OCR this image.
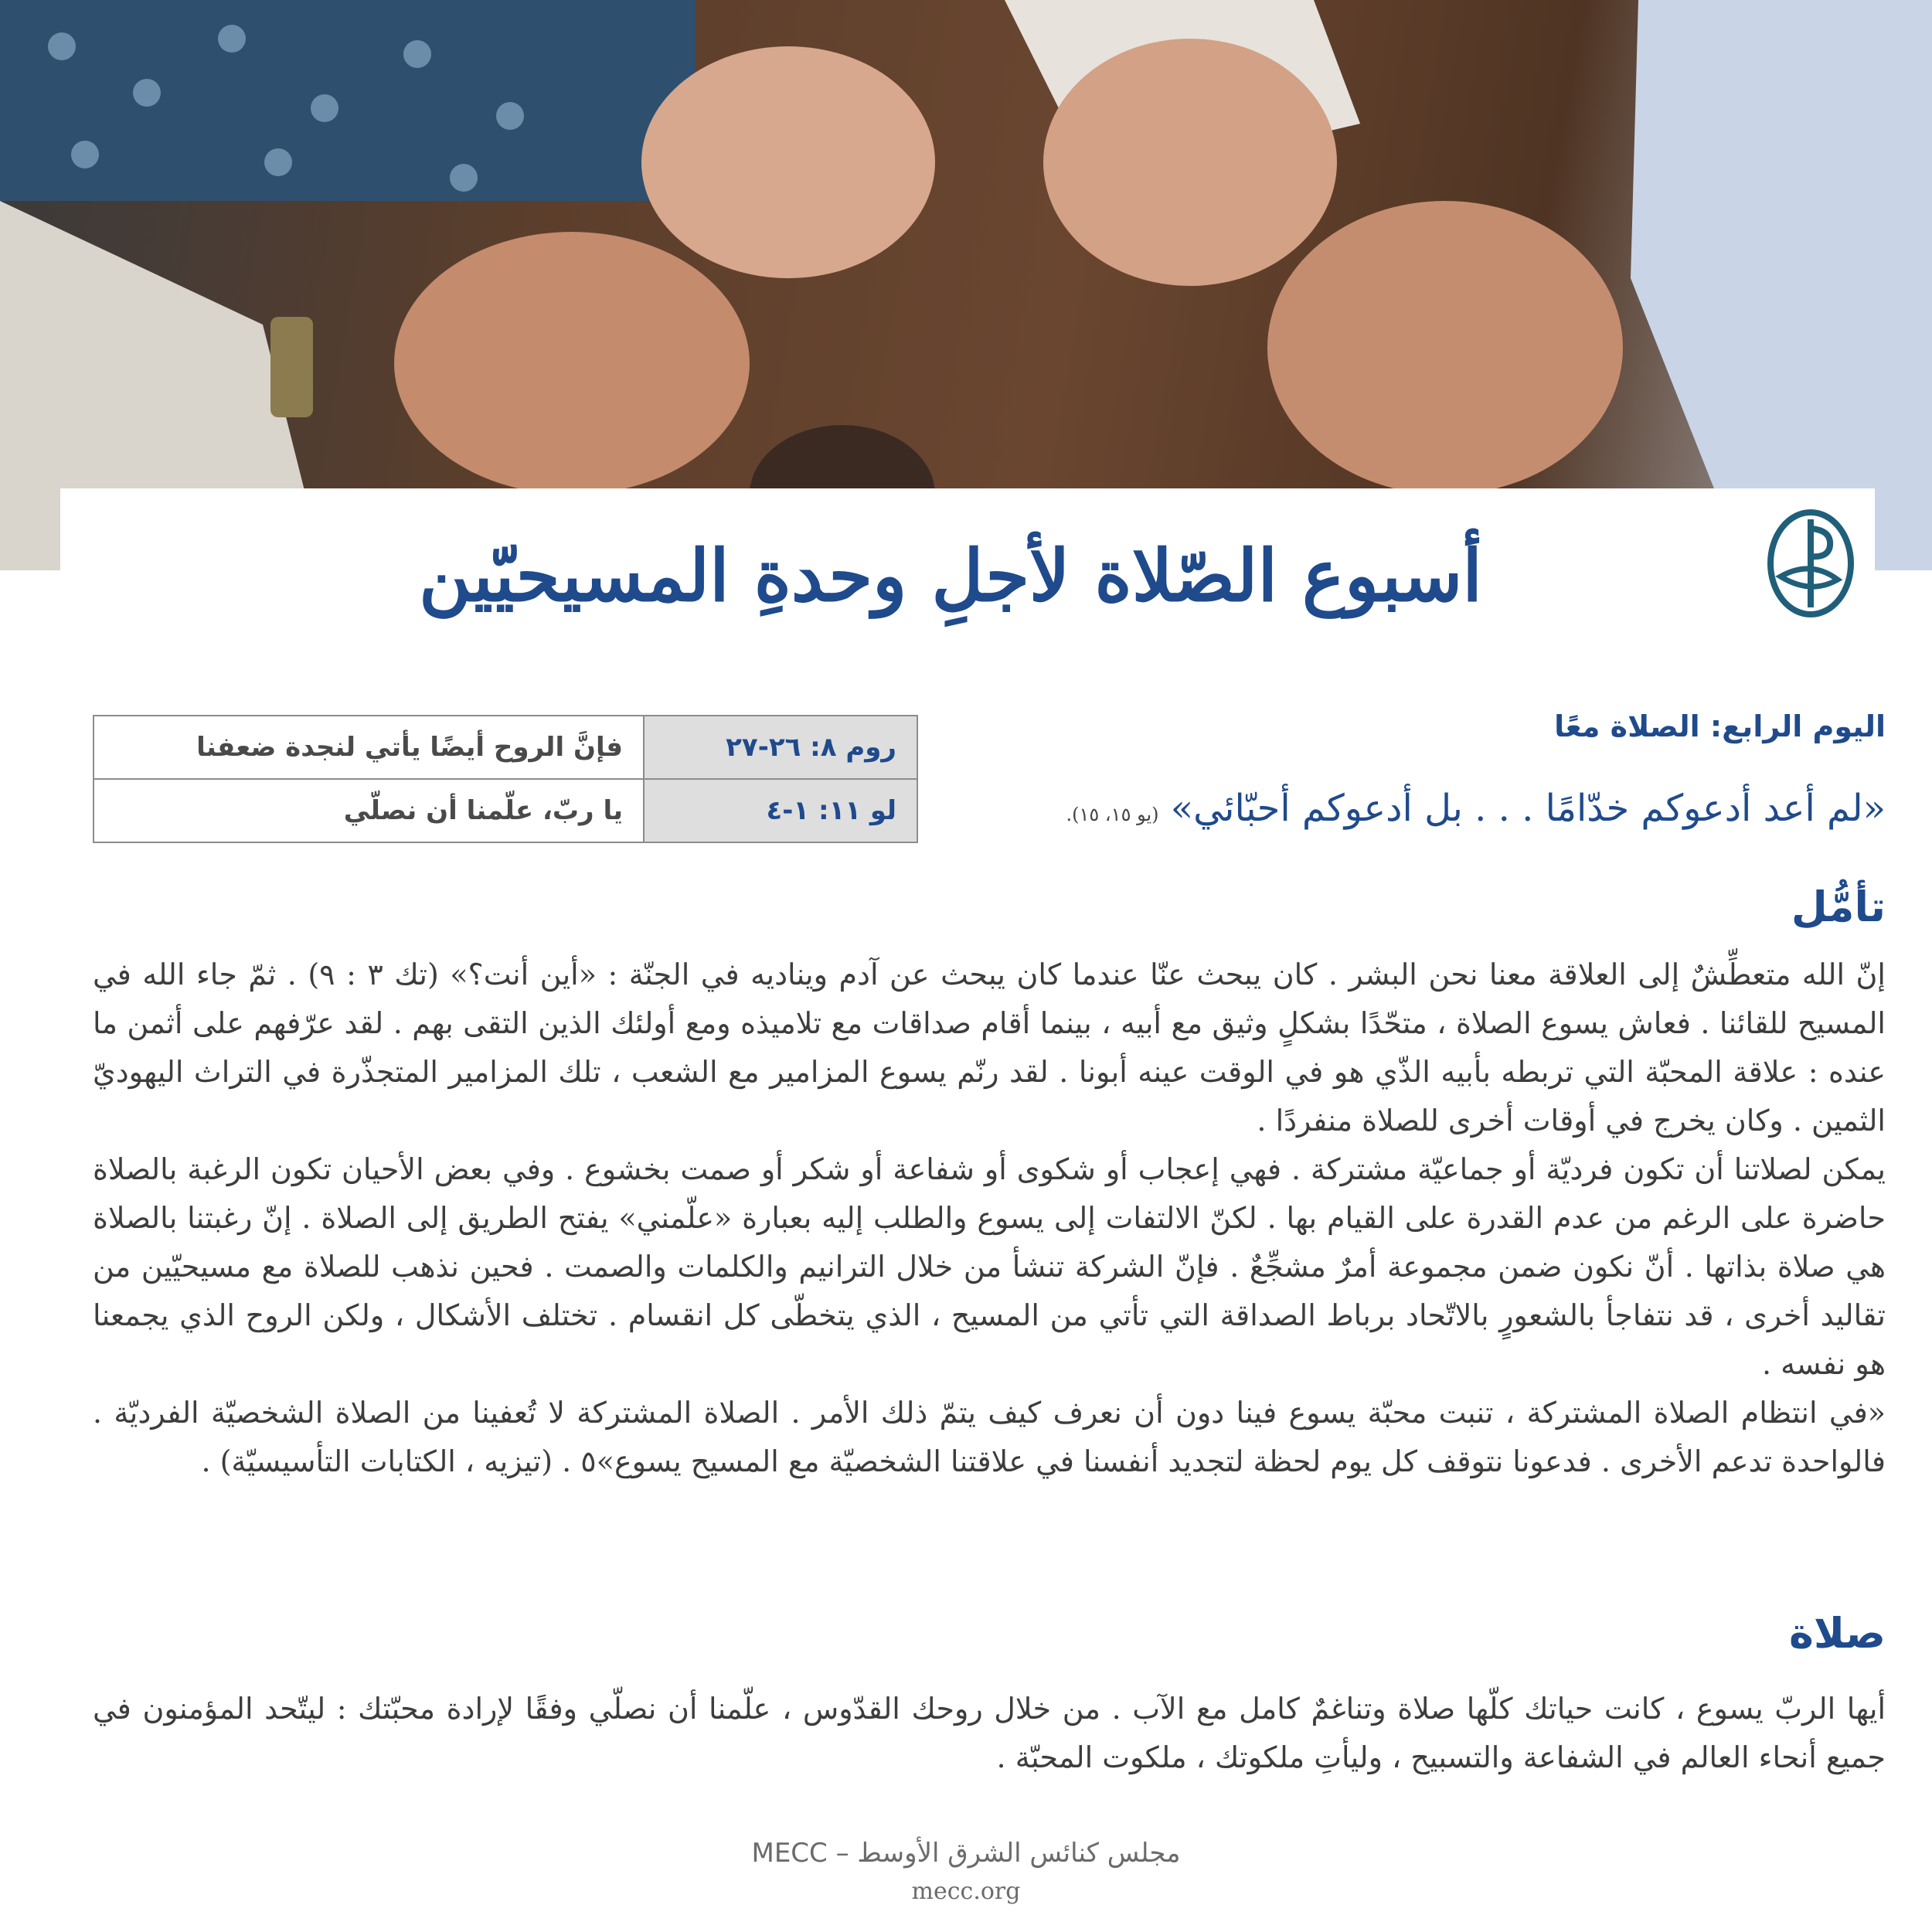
أسبوع الصّلاة لأجلِ وحدةِ المسيحيّين
روم ٨: ٢٦-٢٧	فإنَّ الروح أيضًا يأتي لنجدة ضعفنا
لو ١١: ١-٤	يا ربّ، علّمنا أن نصلّي
اليوم الرابع: الصلاة معًا
«لم أعد أدعوكم خدّامًا . . . بل أدعوكم أحبّائي» (يو ١٥، ١٥).
تأمُّل

إنّ الله متعطِّشٌ إلى العلاقة معنا نحن البشر . كان يبحث عنّا عندما كان يبحث عن آدم ويناديه في الجنّة : «أين أنت؟» (تك ٣ : ٩) . ثمّ جاء الله في المسيح للقائنا . فعاش يسوع الصلاة ، متحّدًا بشكلٍ وثيق مع أبيه ، بينما أقام صداقات مع تلاميذه ومع أولئك الذين التقى بهم . لقد عرّفهم على أثمن ما عنده : علاقة المحبّة التي تربطه بأبيه الذّي هو في الوقت عينه أبونا . لقد رنّم يسوع المزامير مع الشعب ، تلك المزامير المتجذّرة في التراث اليهوديّ الثمين . وكان يخرج في أوقات أخرى للصلاة منفردًا .

يمكن لصلاتنا أن تكون فرديّة أو جماعيّة مشتركة . فهي إعجاب أو شكوى أو شفاعة أو شكر أو صمت بخشوع . وفي بعض الأحيان تكون الرغبة بالصلاة حاضرة على الرغم من عدم القدرة على القيام بها . لكنّ الالتفات إلى يسوع والطلب إليه بعبارة «علّمني» يفتح الطريق إلى الصلاة . إنّ رغبتنا بالصلاة هي صلاة بذاتها . أنّ نكون ضمن مجموعة أمرٌ مشجِّعٌ . فإنّ الشركة تنشأ من خلال الترانيم والكلمات والصمت . فحين نذهب للصلاة مع مسيحيّين من تقاليد أخرى ، قد نتفاجأ بالشعورٍ بالاتّحاد برباط الصداقة التي تأتي من المسيح ، الذي يتخطّى كل انقسام . تختلف الأشكال ، ولكن الروح الذي يجمعنا هو نفسه .

«في انتظام الصلاة المشتركة ، تنبت محبّة يسوع فينا دون أن نعرف كيف يتمّ ذلك الأمر . الصلاة المشتركة لا تُعفينا من الصلاة الشخصيّة الفرديّة . فالواحدة تدعم الأخرى . فدعونا نتوقف كل يوم لحظة لتجديد أنفسنا في علاقتنا الشخصيّة مع المسيح يسوع»٥ . (تيزيه ، الكتابات التأسيسيّة) .

صلاة

أيها الربّ يسوع ، كانت حياتك كلّها صلاة وتناغمٌ كامل مع الآب . من خلال روحك القدّوس ، علّمنا أن نصلّي وفقًا لإرادة محبّتك : ليتّحد المؤمنون في جميع أنحاء العالم في الشفاعة والتسبيح ، وليأتِ ملكوتك ، ملكوت المحبّة .

مجلس كنائس الشرق الأوسط – MECC
mecc.org
